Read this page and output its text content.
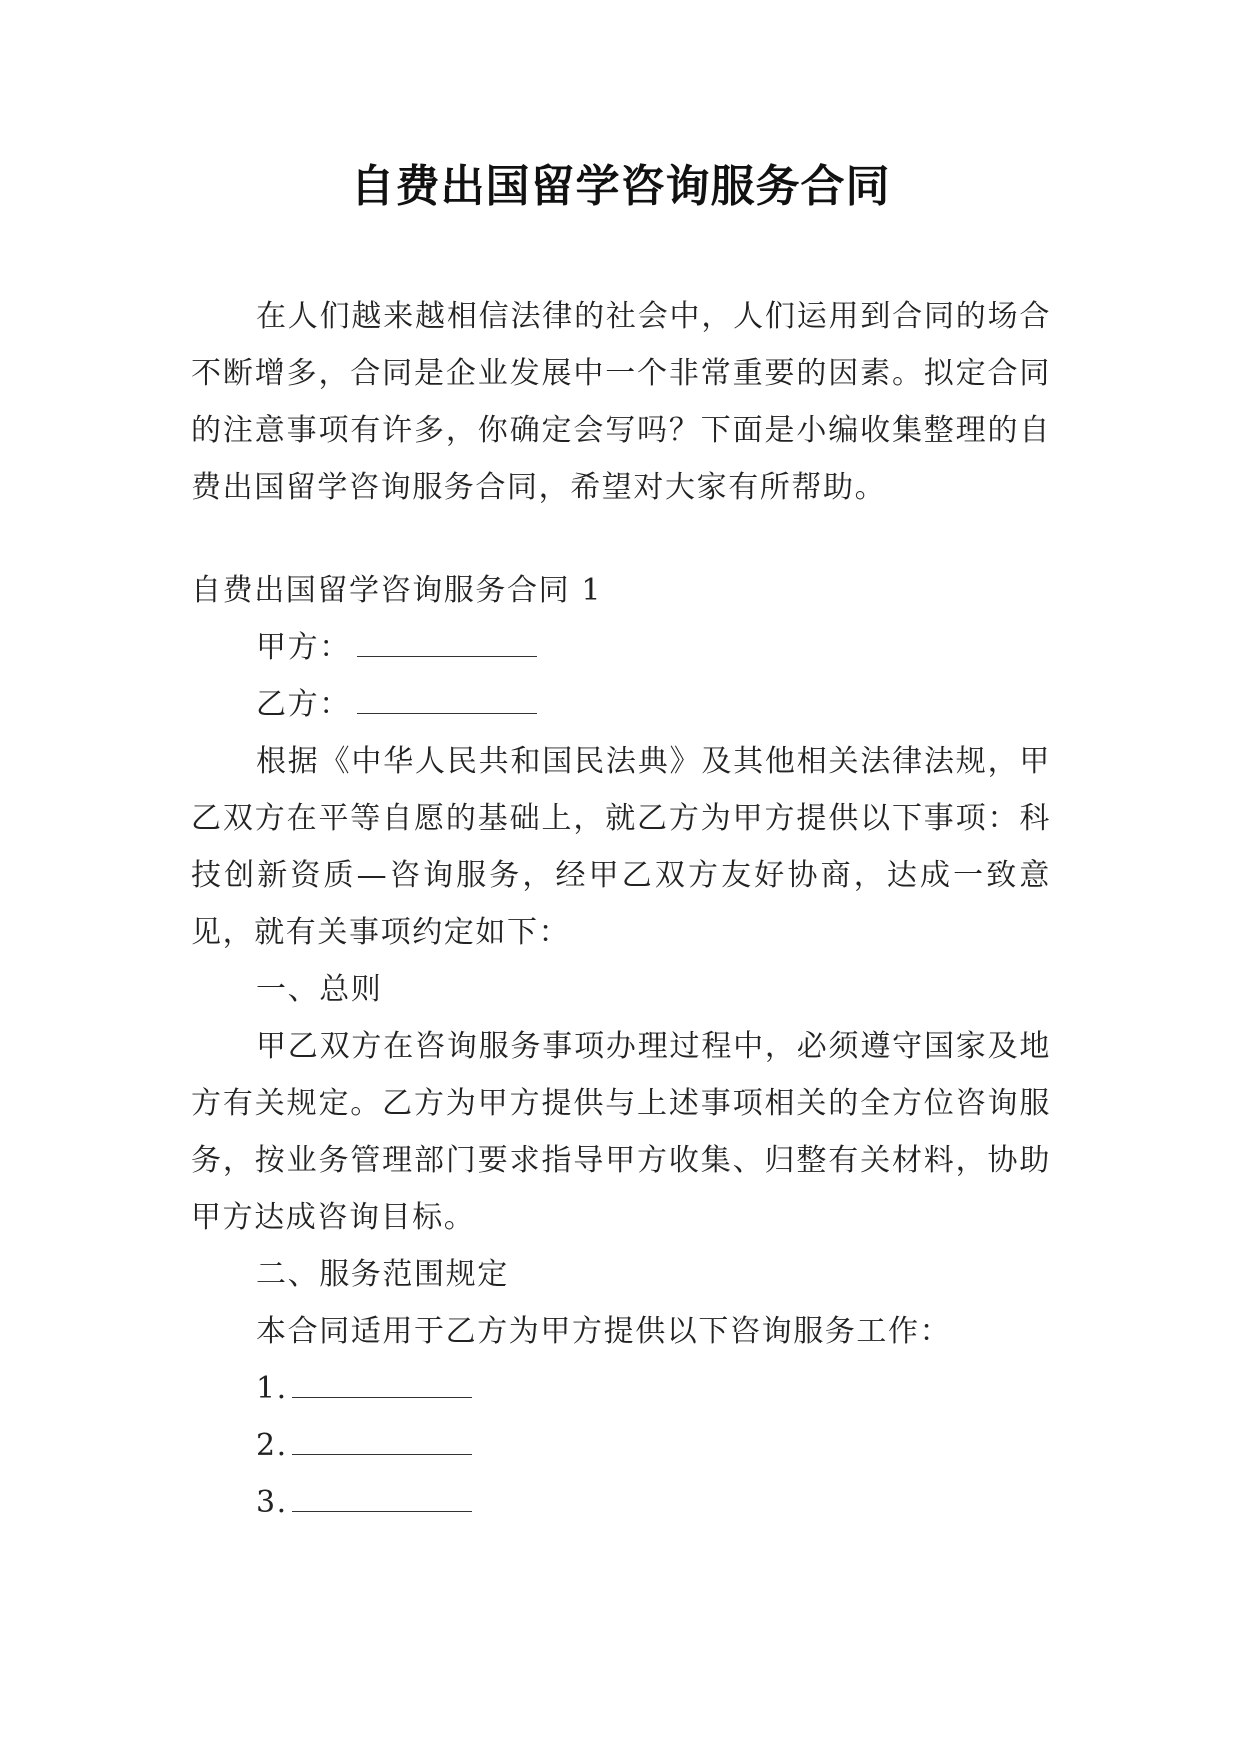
自费出国留学咨询服务合同

在人们越来越相信法律的社会中，人们运用到合同的场合不断增多，合同是企业发展中一个非常重要的因素。拟定合同的注意事项有许多，你确定会写吗？下面是小编收集整理的自费出国留学咨询服务合同，希望对大家有所帮助。

自费出国留学咨询服务合同 1

甲方：

乙方：

根据《中华人民共和国民法典》及其他相关法律法规，甲乙双方在平等自愿的基础上，就乙方为甲方提供以下事项：科技创新资质—咨询服务，经甲乙双方友好协商，达成一致意见，就有关事项约定如下：

一、总则

甲乙双方在咨询服务事项办理过程中，必须遵守国家及地方有关规定。乙方为甲方提供与上述事项相关的全方位咨询服务，按业务管理部门要求指导甲方收集、归整有关材料，协助甲方达成咨询目标。

二、服务范围规定

本合同适用于乙方为甲方提供以下咨询服务工作：

1.

2.

3.
